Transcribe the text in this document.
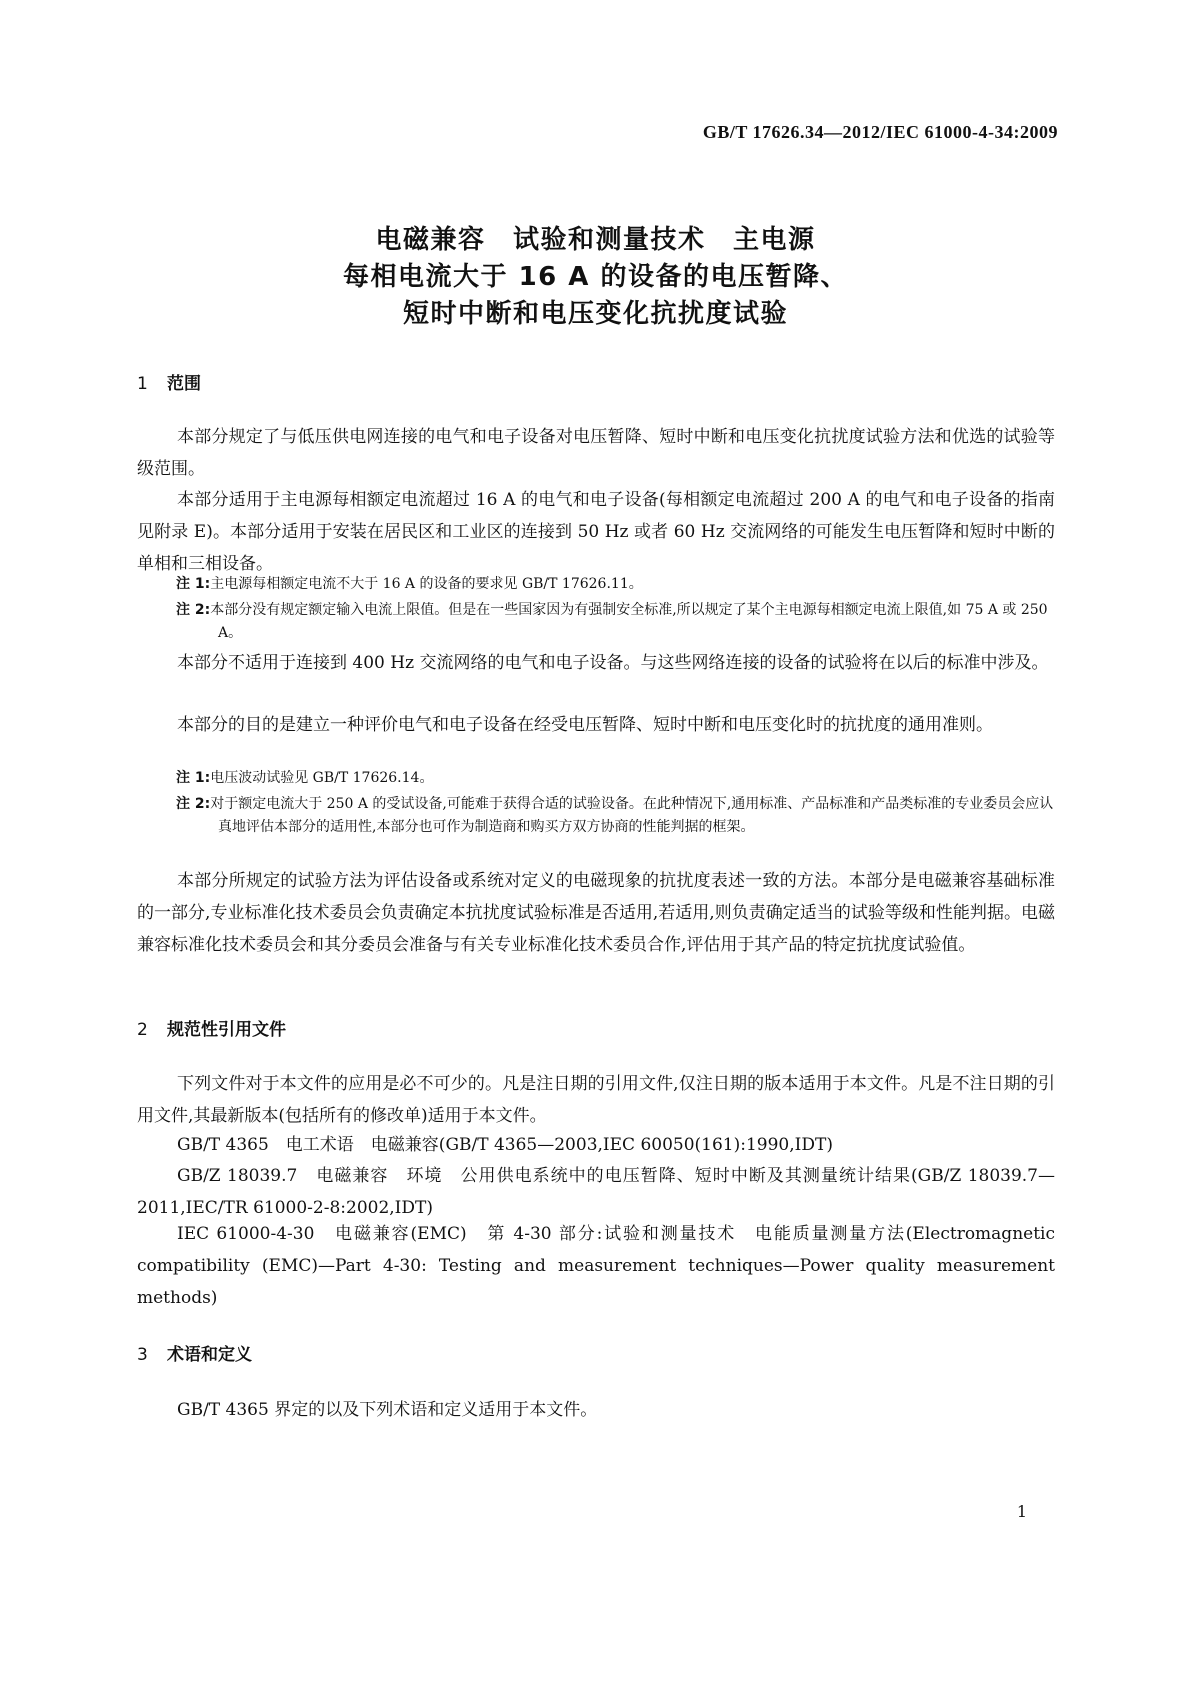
GB/T 17626.34—2012/IEC 61000-4-34:2009

电磁兼容　试验和测量技术　主电源
每相电流大于 16 A 的设备的电压暂降、
短时中断和电压变化抗扰度试验
1 范围

本部分规定了与低压供电网连接的电气和电子设备对电压暂降、短时中断和电压变化抗扰度试验方法和优选的试验等级范围。

本部分适用于主电源每相额定电流超过 16 A 的电气和电子设备(每相额定电流超过 200 A 的电气和电子设备的指南见附录 E)。本部分适用于安装在居民区和工业区的连接到 50 Hz 或者 60 Hz 交流网络的可能发生电压暂降和短时中断的单相和三相设备。

注 1:主电源每相额定电流不大于 16 A 的设备的要求见 GB/T 17626.11。

注 2:本部分没有规定额定输入电流上限值。但是在一些国家因为有强制安全标准,所以规定了某个主电源每相额定电流上限值,如 75 A 或 250 A。

本部分不适用于连接到 400 Hz 交流网络的电气和电子设备。与这些网络连接的设备的试验将在以后的标准中涉及。

本部分的目的是建立一种评价电气和电子设备在经受电压暂降、短时中断和电压变化时的抗扰度的通用准则。

注 1:电压波动试验见 GB/T 17626.14。

注 2:对于额定电流大于 250 A 的受试设备,可能难于获得合适的试验设备。在此种情况下,通用标准、产品标准和产品类标准的专业委员会应认真地评估本部分的适用性,本部分也可作为制造商和购买方双方协商的性能判据的框架。

本部分所规定的试验方法为评估设备或系统对定义的电磁现象的抗扰度表述一致的方法。本部分是电磁兼容基础标准的一部分,专业标准化技术委员会负责确定本抗扰度试验标准是否适用,若适用,则负责确定适当的试验等级和性能判据。电磁兼容标准化技术委员会和其分委员会准备与有关专业标准化技术委员合作,评估用于其产品的特定抗扰度试验值。

2 规范性引用文件

下列文件对于本文件的应用是必不可少的。凡是注日期的引用文件,仅注日期的版本适用于本文件。凡是不注日期的引用文件,其最新版本(包括所有的修改单)适用于本文件。

GB/T 4365　电工术语　电磁兼容(GB/T 4365—2003,IEC 60050(161):1990,IDT)

GB/Z 18039.7　电磁兼容　环境　公用供电系统中的电压暂降、短时中断及其测量统计结果(GB/Z 18039.7—2011,IEC/TR 61000-2-8:2002,IDT)

IEC 61000-4-30　电磁兼容(EMC)　第 4-30 部分:试验和测量技术　电能质量测量方法(Electromagnetic compatibility (EMC)—Part 4-30: Testing and measurement techniques—Power quality measurement methods)

3 术语和定义

GB/T 4365 界定的以及下列术语和定义适用于本文件。

1
